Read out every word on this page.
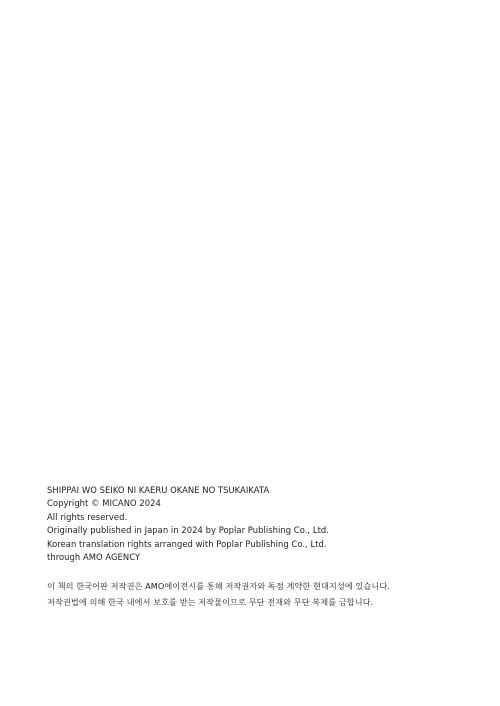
SHIPPAI WO SEIKO NI KAERU OKANE NO TSUKAIKATA
Copyright © MICANO 2024
All rights reserved.
Originally published in Japan in 2024 by Poplar Publishing Co., Ltd.
Korean translation rights arranged with Poplar Publishing Co., Ltd.
through AMO AGENCY
이 책의 한국어판 저작권은 AMO에이전시를 통해 저작권자와 독점 계약한 현대지성에 있습니다.
저작권법에 의해 한국 내에서 보호를 받는 저작물이므로 무단 전재와 무단 복제를 금합니다.
